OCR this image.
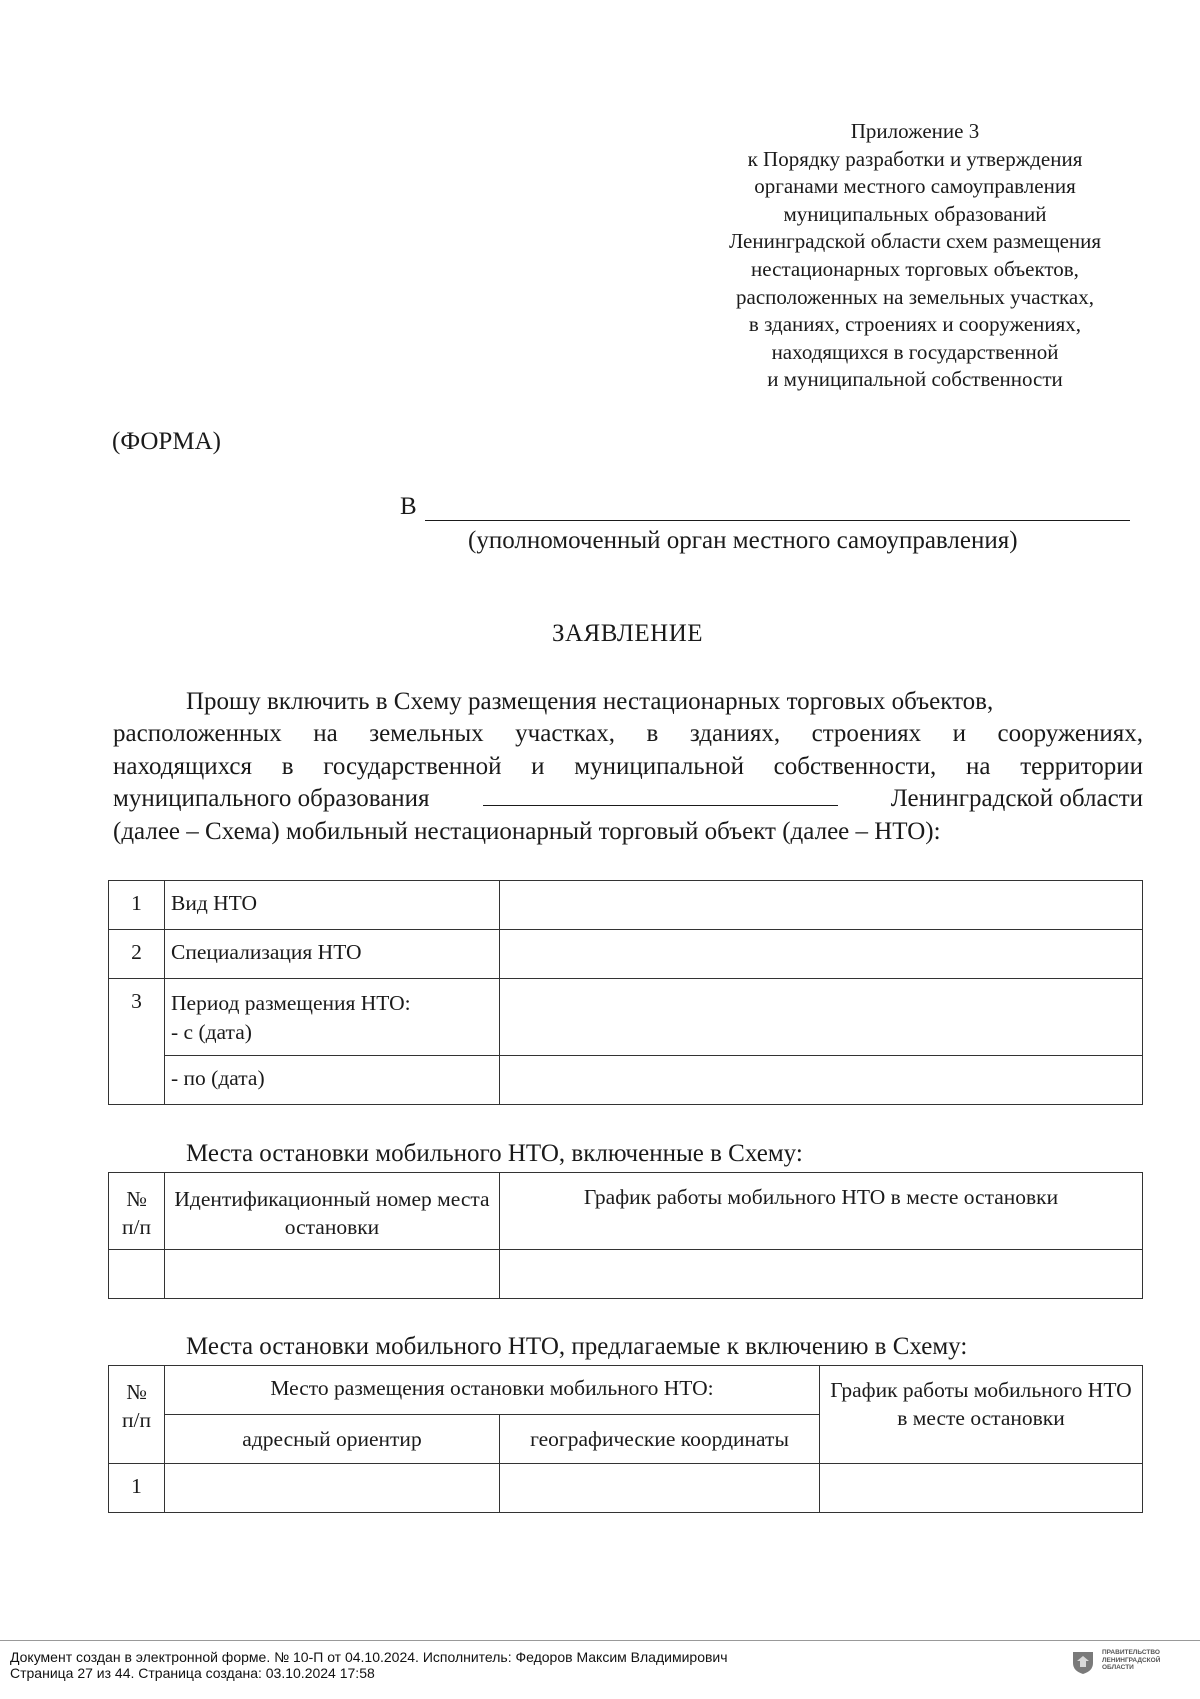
Приложение 3
к Порядку разработки и утверждения
органами местного самоуправления
муниципальных образований
Ленинградской области схем размещения
нестационарных торговых объектов,
расположенных на земельных участках,
в зданиях, строениях и сооружениях,
находящихся в государственной
и муниципальной собственности
(ФОРМА)
В
(уполномоченный орган местного самоуправления)
ЗАЯВЛЕНИЕ
Прошу включить в Схему размещения нестационарных торговых объектов,
расположенных на земельных участках, в зданиях, строениях и сооружениях,
находящихся в государственной и муниципальной собственности, на территории
муниципального образования	Ленинградской области
(далее – Схема) мобильный нестационарный торговый объект (далее – НТО):
1	Вид НТО	
2	Специализация НТО	
3	Период размещения НТО:
- с (дата)	

	- по (дата)	
Места остановки мобильного НТО, включенные в Схему:
№ п/п	Идентификационный номер места остановки	График работы мобильного НТО в месте остановки

Места остановки мобильного НТО, предлагаемые к включению в Схему:
№ п/п	Место размещения остановки мобильного НТО:		График работы мобильного НТО в месте остановки
	адресный ориентир	географические координаты	
1			
Документ создан в электронной форме. № 10-П от 04.10.2024. Исполнитель: Федоров Максим Владимирович
Страница 27 из 44. Страница создана: 03.10.2024 17:58
ПРАВИТЕЛЬСТВО
ЛЕНИНГРАДСКОЙ
ОБЛАСТИ
